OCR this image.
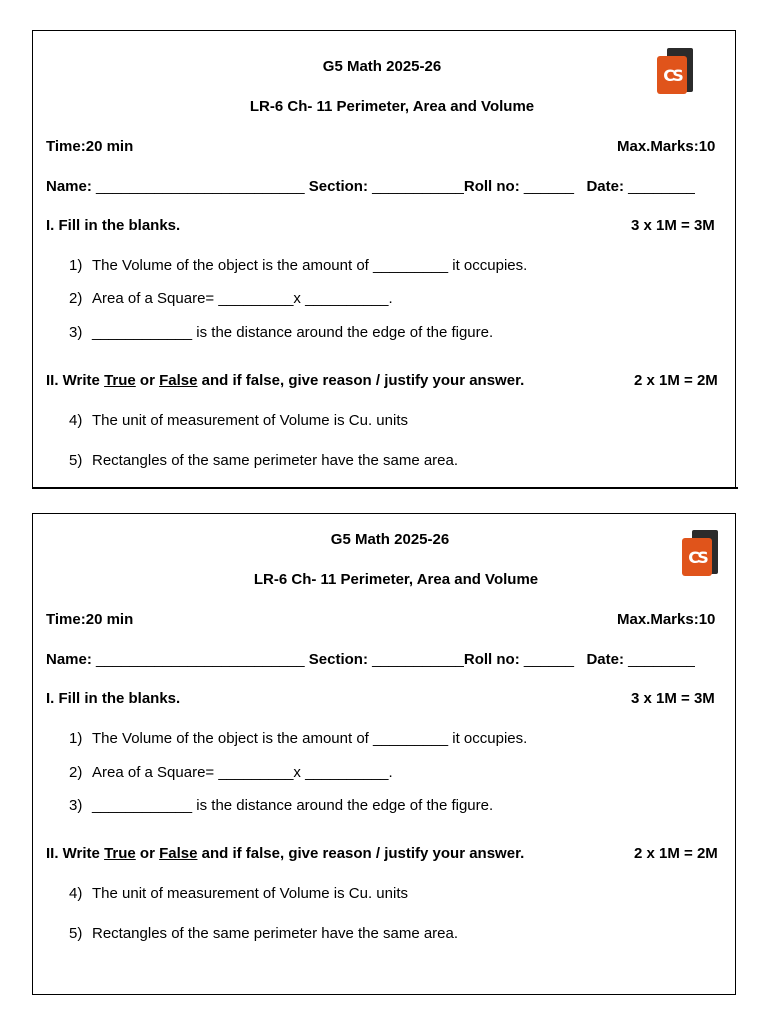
G5 Math 2025-26	CS
LR-6 Ch- 11 Perimeter, Area and Volume
Time:20 min	Max.Marks:10
Name: _________________________ Section: ___________Roll no: ______ Date: ________
I. Fill in the blanks.	3 x 1M = 3M
1) The Volume of the object is the amount of _________ it occupies.
2) Area of a Square= _________x __________.
3) ____________ is the distance around the edge of the figure.
II. Write True or False and if false, give reason / justify your answer.	2 x 1M = 2M
4) The unit of measurement of Volume is Cu. units
5) Rectangles of the same perimeter have the same area.
G5 Math 2025-26
CS
LR-6 Ch- 11 Perimeter, Area and Volume
Time:20 min	Max.Marks:10
Name: _________________________ Section: ___________Roll no: ______ Date: ________
I. Fill in the blanks.	3 x 1M = 3M
1) The Volume of the object is the amount of _________ it occupies.
2) Area of a Square= _________x __________.
3) ____________ is the distance around the edge of the figure.
II. Write True or False and if false, give reason / justify your answer.	2 x 1M = 2M
4) The unit of measurement of Volume is Cu. units
5) Rectangles of the same perimeter have the same area.
